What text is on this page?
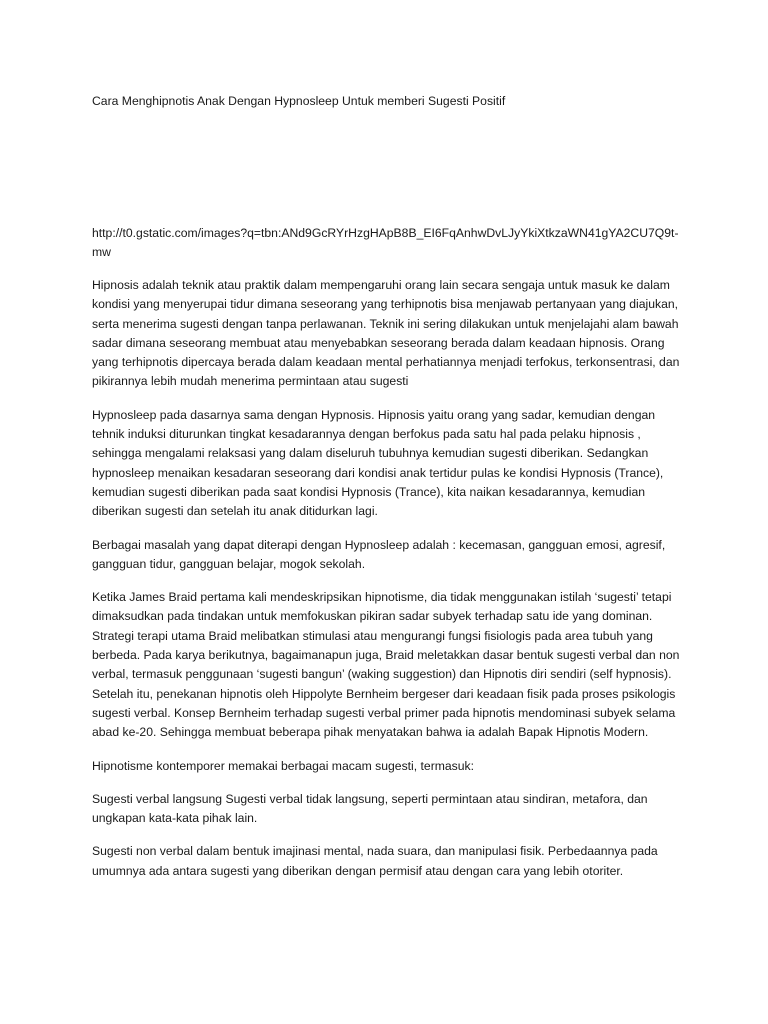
Cara Menghipnotis Anak Dengan Hypnosleep Untuk memberi Sugesti Positif

http://t0.gstatic.com/images?q=tbn:ANd9GcRYrHzgHApB8B_EI6FqAnhwDvLJyYkiXtkzaWN41gYA2CU7Q9t-mw

Hipnosis adalah teknik atau praktik dalam mempengaruhi orang lain secara sengaja untuk masuk ke dalam kondisi yang menyerupai tidur dimana seseorang yang terhipnotis bisa menjawab pertanyaan yang diajukan, serta menerima sugesti dengan tanpa perlawanan. Teknik ini sering dilakukan untuk menjelajahi alam bawah sadar dimana seseorang membuat atau menyebabkan seseorang berada dalam keadaan hipnosis. Orang yang terhipnotis dipercaya berada dalam keadaan mental perhatiannya menjadi terfokus, terkonsentrasi, dan pikirannya lebih mudah menerima permintaan atau sugesti

Hypnosleep pada dasarnya sama dengan Hypnosis. Hipnosis yaitu orang yang sadar, kemudian dengan tehnik induksi diturunkan tingkat kesadarannya dengan berfokus pada satu hal pada pelaku hipnosis , sehingga mengalami relaksasi yang dalam diseluruh tubuhnya kemudian sugesti diberikan. Sedangkan hypnosleep menaikan kesadaran seseorang dari kondisi anak tertidur pulas ke kondisi Hypnosis (Trance), kemudian sugesti diberikan pada saat kondisi Hypnosis (Trance), kita naikan kesadarannya, kemudian diberikan sugesti dan setelah itu anak ditidurkan lagi.

Berbagai masalah yang dapat diterapi dengan Hypnosleep adalah : kecemasan, gangguan emosi, agresif, gangguan tidur, gangguan belajar, mogok sekolah.

Ketika James Braid pertama kali mendeskripsikan hipnotisme, dia tidak menggunakan istilah ‘sugesti’ tetapi dimaksudkan pada tindakan untuk memfokuskan pikiran sadar subyek terhadap satu ide yang dominan. Strategi terapi utama Braid melibatkan stimulasi atau mengurangi fungsi fisiologis pada area tubuh yang berbeda. Pada karya berikutnya, bagaimanapun juga, Braid meletakkan dasar bentuk sugesti verbal dan non verbal, termasuk penggunaan ‘sugesti bangun’ (waking suggestion) dan Hipnotis diri sendiri (self hypnosis). Setelah itu, penekanan hipnotis oleh Hippolyte Bernheim bergeser dari keadaan fisik pada proses psikologis sugesti verbal. Konsep Bernheim terhadap sugesti verbal primer pada hipnotis mendominasi subyek selama abad ke-20. Sehingga membuat beberapa pihak menyatakan bahwa ia adalah Bapak Hipnotis Modern.

Hipnotisme kontemporer memakai berbagai macam sugesti, termasuk:

Sugesti verbal langsung Sugesti verbal tidak langsung, seperti permintaan atau sindiran, metafora, dan ungkapan kata-kata pihak lain.

Sugesti non verbal dalam bentuk imajinasi mental, nada suara, dan manipulasi fisik. Perbedaannya pada umumnya ada antara sugesti yang diberikan dengan permisif atau dengan cara yang lebih otoriter.
